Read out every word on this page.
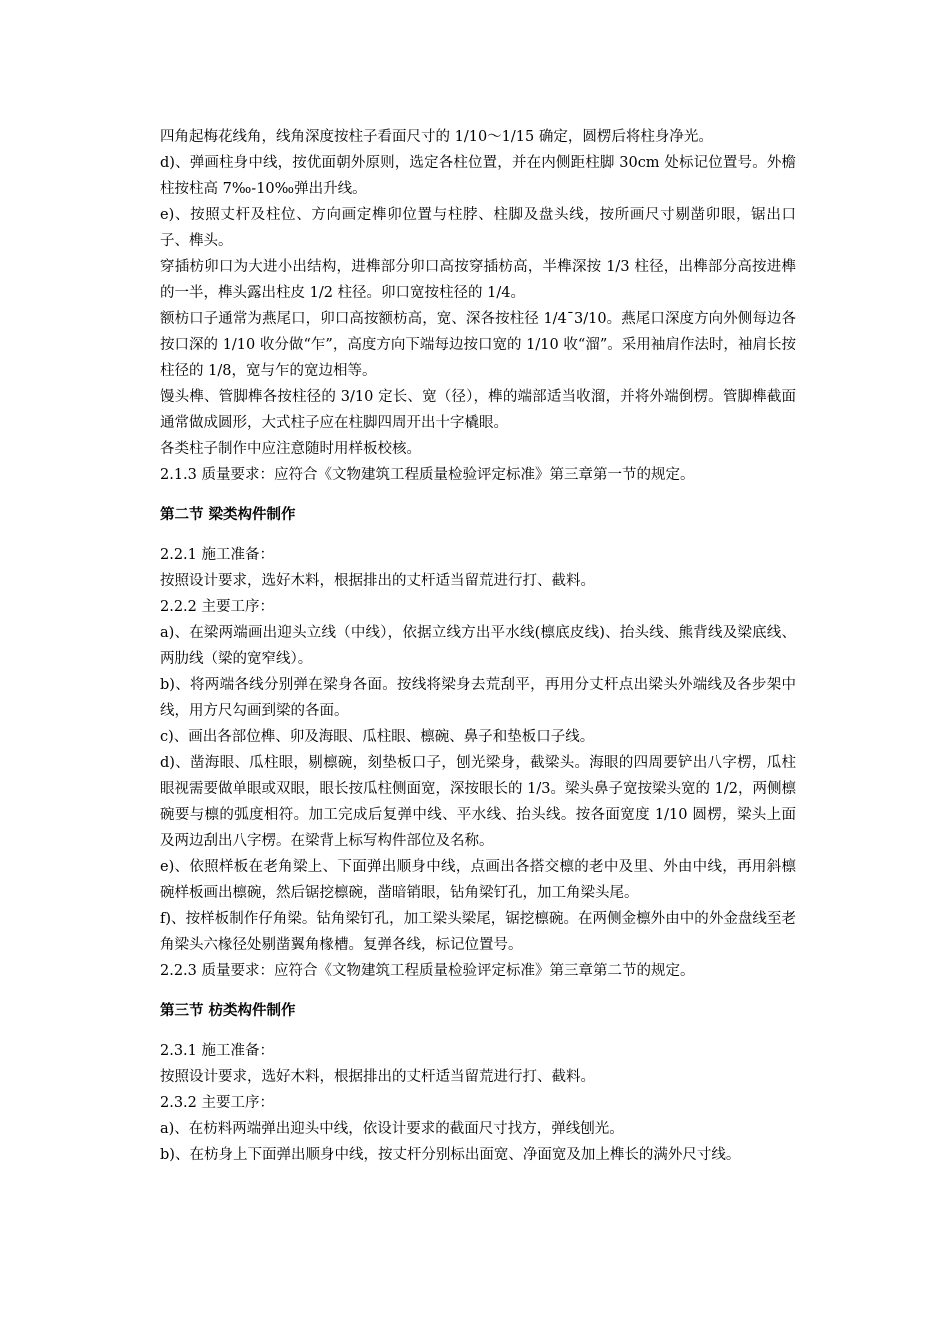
四角起梅花线角，线角深度按柱子看面尺寸的 1/10～1/15 确定，圆楞后将柱身净光。

d)、弹画柱身中线，按优面朝外原则，选定各柱位置，并在内侧距柱脚 30cm 处标记位置号。外檐柱按柱高 7‰-10‰弹出升线。

e)、按照丈杆及柱位、方向画定榫卯位置与柱脖、柱脚及盘头线，按所画尺寸剔凿卯眼，锯出口子、榫头。

穿插枋卯口为大进小出结构，进榫部分卯口高按穿插枋高，半榫深按 1/3 柱径，出榫部分高按进榫的一半，榫头露出柱皮 1/2 柱径。卯口宽按柱径的 1/4。

额枋口子通常为燕尾口，卯口高按额枋高，宽、深各按柱径 1/4¯3/10。燕尾口深度方向外侧每边各按口深的 1/10 收分做“乍”，高度方向下端每边按口宽的 1/10 收“溜”。采用袖肩作法时，袖肩长按柱径的 1/8，宽与乍的宽边相等。

馒头榫、管脚榫各按柱径的 3/10 定长、宽（径），榫的端部适当收溜，并将外端倒楞。管脚榫截面通常做成圆形，大式柱子应在柱脚四周开出十字橇眼。

各类柱子制作中应注意随时用样板校核。

2.1.3 质量要求：应符合《文物建筑工程质量检验评定标准》第三章第一节的规定。

第二节 梁类构件制作

2.2.1 施工准备：

按照设计要求，选好木料，根据排出的丈杆适当留荒进行打、截料。

2.2.2 主要工序：

a)、在梁两端画出迎头立线（中线），依据立线方出平水线(檩底皮线)、抬头线、熊背线及梁底线、两肋线（梁的宽窄线）。

b)、将两端各线分别弹在梁身各面。按线将梁身去荒刮平，再用分丈杆点出梁头外端线及各步架中线，用方尺勾画到梁的各面。

c)、画出各部位榫、卯及海眼、瓜柱眼、檩碗、鼻子和垫板口子线。

d)、凿海眼、瓜柱眼，剔檩碗，刻垫板口子，刨光梁身，截梁头。海眼的四周要铲出八字楞，瓜柱眼视需要做单眼或双眼，眼长按瓜柱侧面宽，深按眼长的 1/3。梁头鼻子宽按梁头宽的 1/2，两侧檩碗要与檩的弧度相符。加工完成后复弹中线、平水线、抬头线。按各面宽度 1/10 圆楞，梁头上面及两边刮出八字楞。在梁背上标写构件部位及名称。

e)、依照样板在老角梁上、下面弹出顺身中线，点画出各搭交檩的老中及里、外由中线，再用斜檩碗样板画出檩碗，然后锯挖檩碗，凿暗销眼，钻角梁钉孔，加工角梁头尾。

f)、按样板制作仔角梁。钻角梁钉孔，加工梁头梁尾，锯挖檩碗。在两侧金檩外由中的外金盘线至老角梁头六椽径处剔凿翼角椽槽。复弹各线，标记位置号。

2.2.3 质量要求：应符合《文物建筑工程质量检验评定标准》第三章第二节的规定。

第三节 枋类构件制作

2.3.1 施工准备：

按照设计要求，选好木料，根据排出的丈杆适当留荒进行打、截料。

2.3.2 主要工序：

a)、在枋料两端弹出迎头中线，依设计要求的截面尺寸找方，弹线刨光。

b)、在枋身上下面弹出顺身中线，按丈杆分别标出面宽、净面宽及加上榫长的满外尺寸线。
